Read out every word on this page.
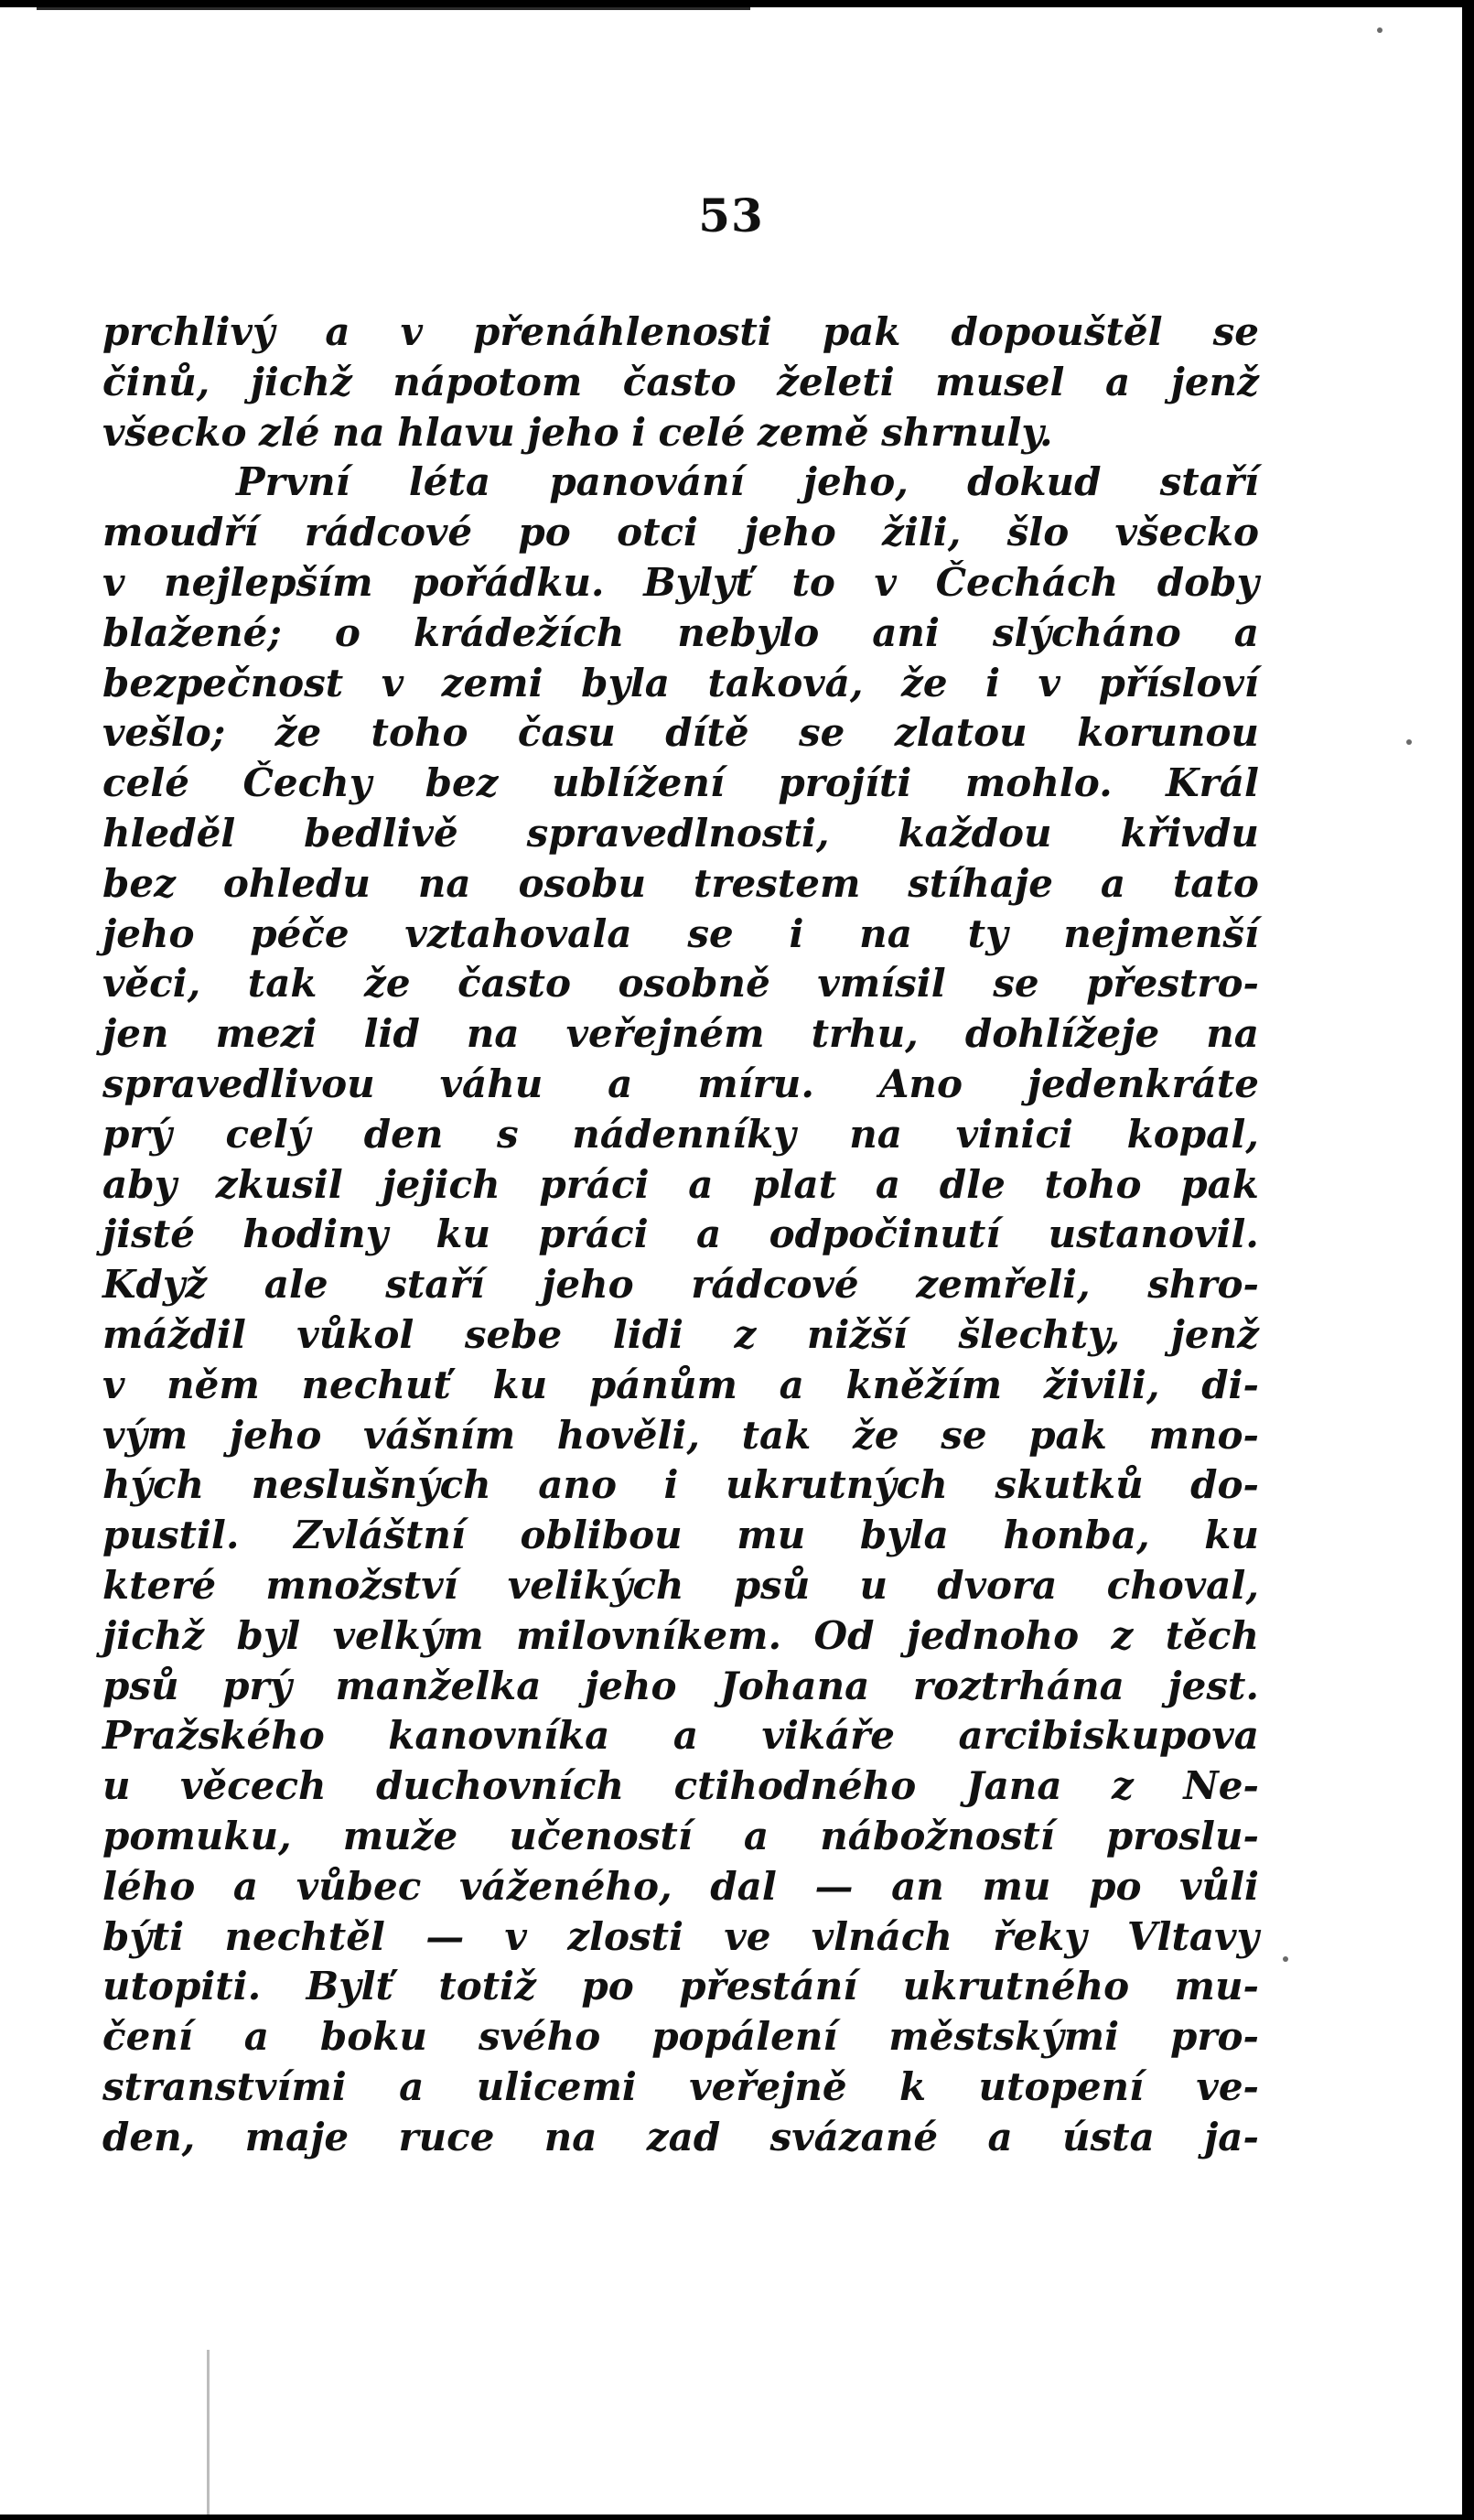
53
prchlivý a v přenáhlenosti pak dopouštěl se
činů, jichž nápotom často želeti musel a jenž
všecko zlé na hlavu jeho i celé země shrnuly.
První léta panování jeho, dokud staří
moudří rádcové po otci jeho žili, šlo všecko
v nejlepším pořádku. Bylyť to v Čechách doby
blažené; o krádežích nebylo ani slýcháno a
bezpečnost v zemi byla taková, že i v přísloví
vešlo; že toho času dítě se zlatou korunou
celé Čechy bez ublížení projíti mohlo. Král
hleděl bedlivě spravedlnosti, každou křivdu
bez ohledu na osobu trestem stíhaje a tato
jeho péče vztahovala se i na ty nejmenší
věci, tak že často osobně vmísil se přestro-
jen mezi lid na veřejném trhu, dohlížeje na
spravedlivou váhu a míru. Ano jedenkráte
prý celý den s nádenníky na vinici kopal,
aby zkusil jejich práci a plat a dle toho pak
jisté hodiny ku práci a odpočinutí ustanovil.
Když ale staří jeho rádcové zemřeli, shro-
máždil vůkol sebe lidi z nižší šlechty, jenž
v něm nechuť ku pánům a kněžím živili, di-
vým jeho vášním hověli, tak že se pak mno-
hých neslušných ano i ukrutných skutků do-
pustil. Zvláštní oblibou mu byla honba, ku
které množství velikých psů u dvora choval,
jichž byl velkým milovníkem. Od jednoho z těch
psů prý manželka jeho Johana roztrhána jest.
Pražského kanovníka a vikáře arcibiskupova
u věcech duchovních ctihodného Jana z Ne-
pomuku, muže učeností a nábožností proslu-
lého a vůbec váženého, dal — an mu po vůli
býti nechtěl — v zlosti ve vlnách řeky Vltavy
utopiti. Bylť totiž po přestání ukrutného mu-
čení a boku svého popálení městskými pro-
stranstvími a ulicemi veřejně k utopení ve-
den, maje ruce na zad svázané a ústa ja-
